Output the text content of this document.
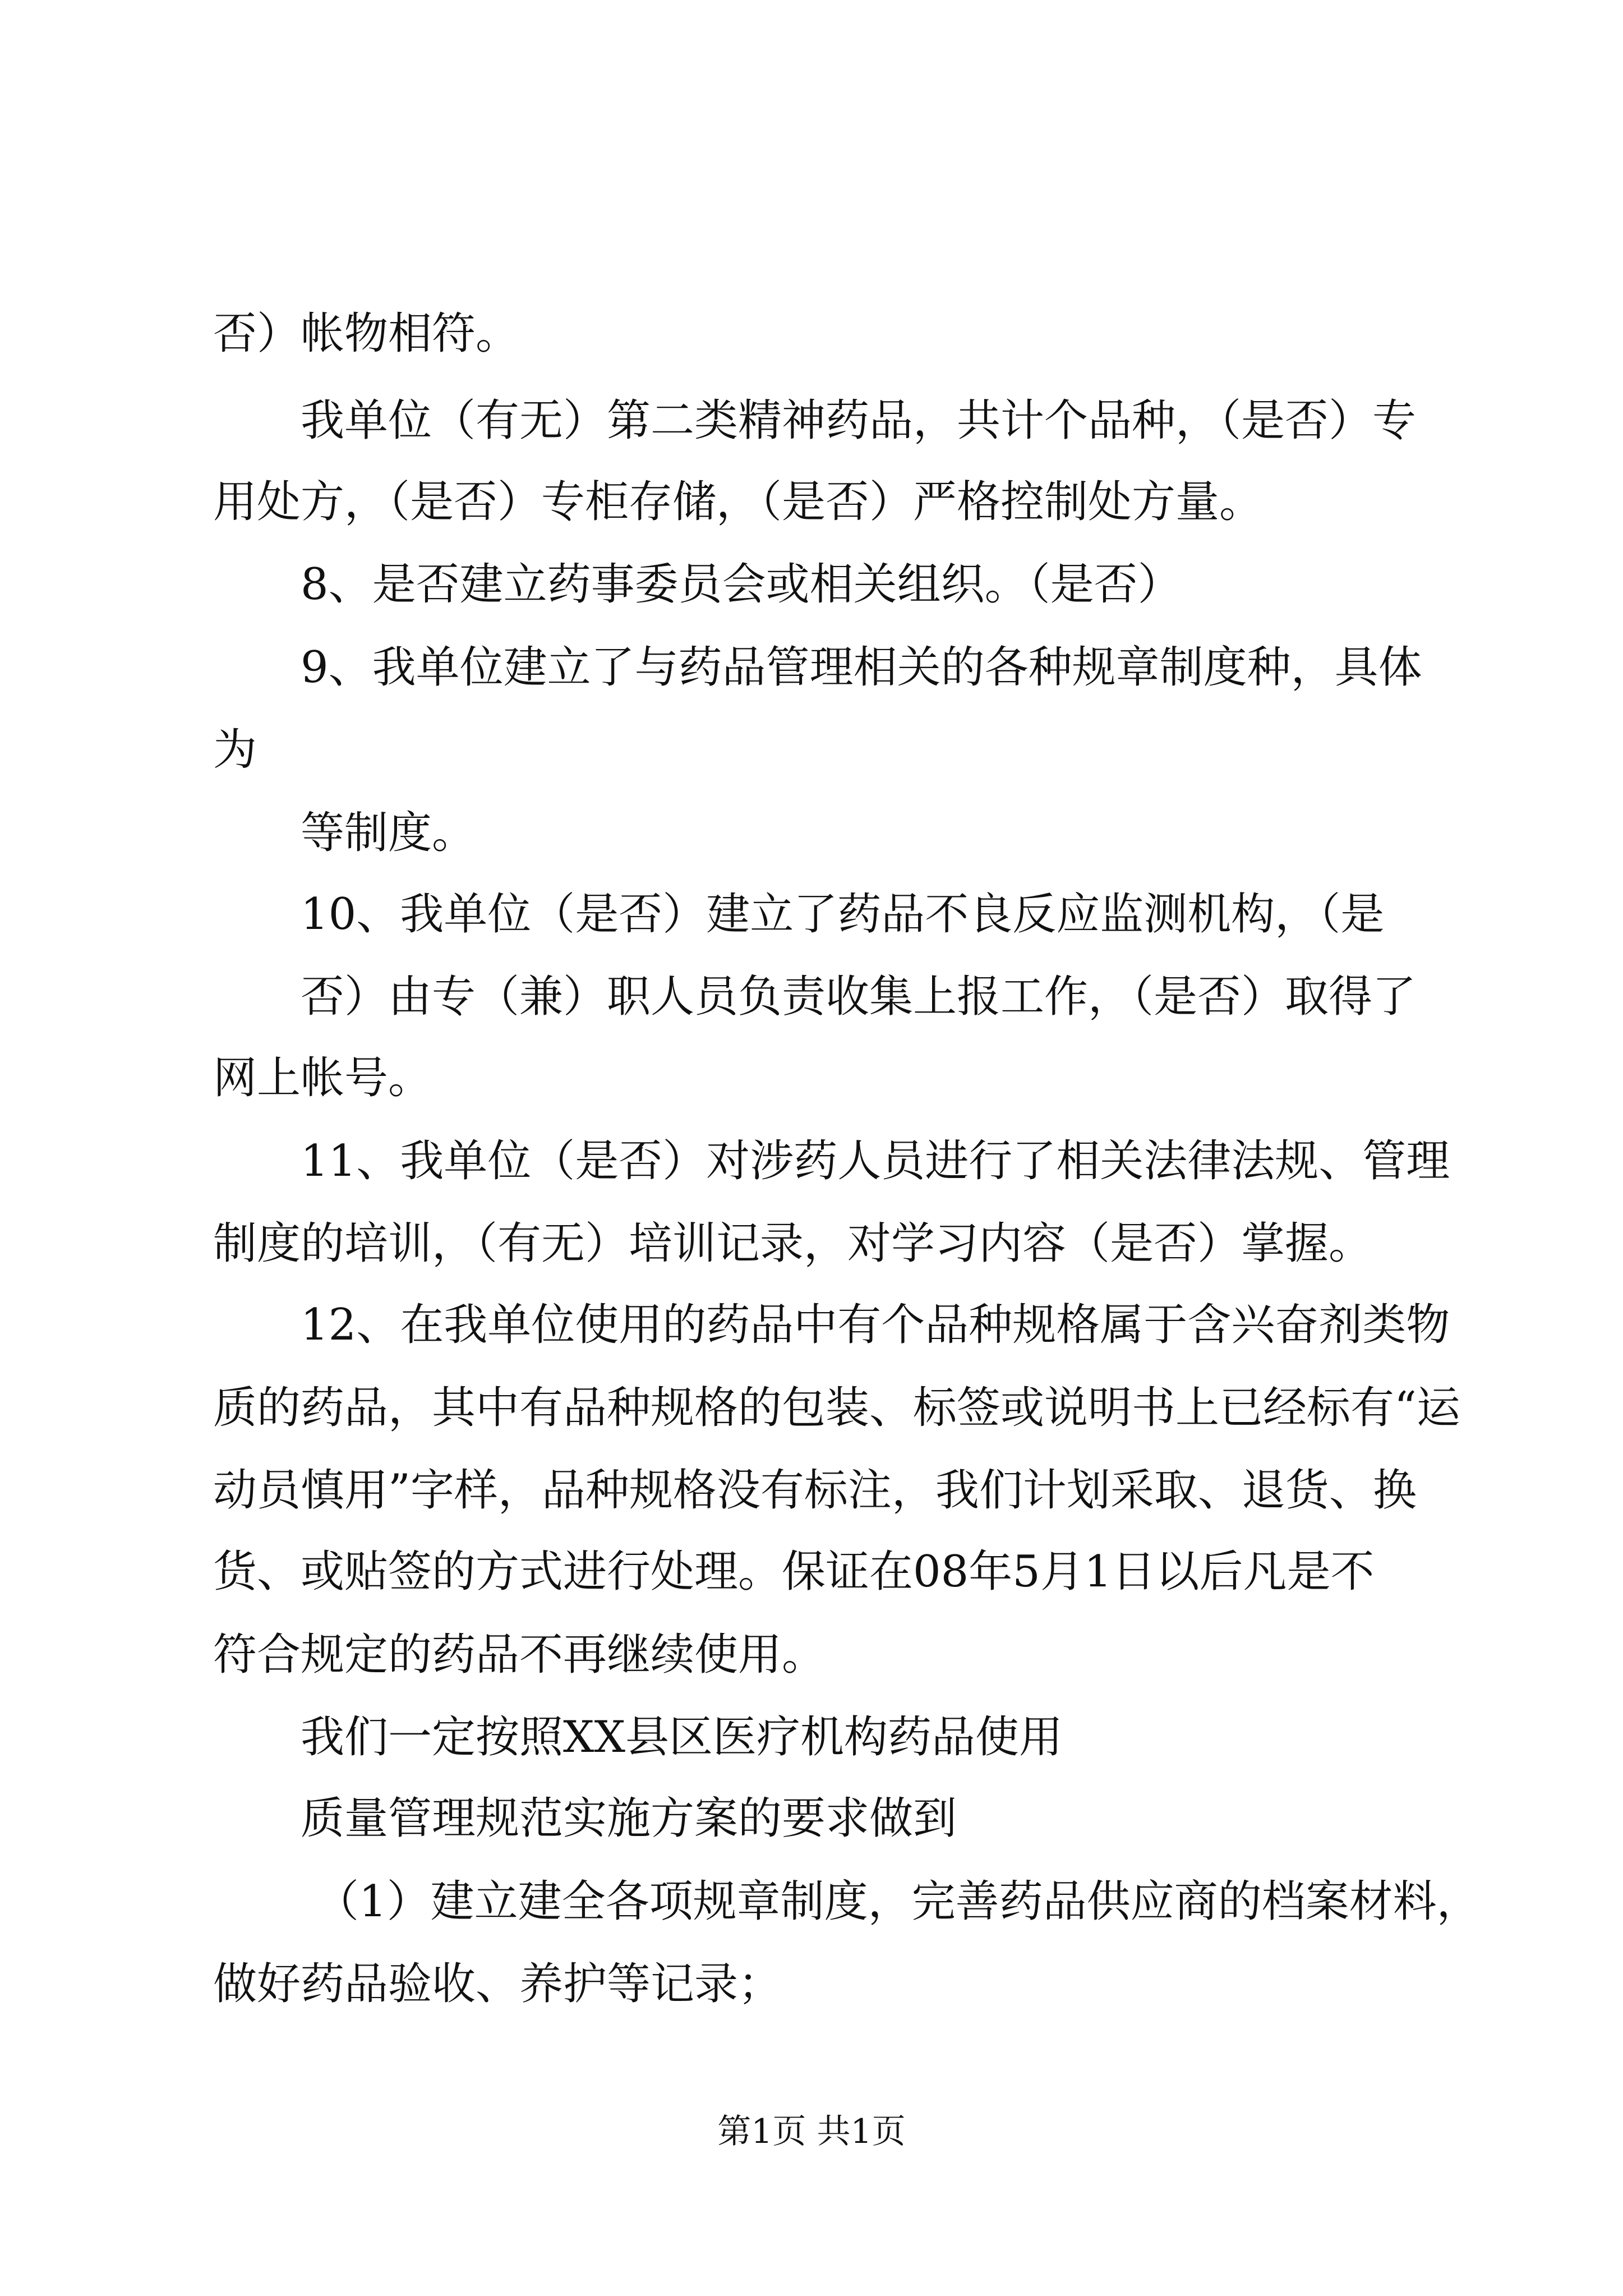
否）帐物相符。
我单位（有无）第二类精神药品，共计个品种，（是否）专
用处方，（是否）专柜存储，（是否）严格控制处方量。
8、是否建立药事委员会或相关组织。（是否）
9、我单位建立了与药品管理相关的各种规章制度种，具体
为
等制度。
10、我单位（是否）建立了药品不良反应监测机构，（是
否）由专（兼）职人员负责收集上报工作，（是否）取得了
网上帐号。
11、我单位（是否）对涉药人员进行了相关法律法规、管理
制度的培训，（有无）培训记录，对学习内容（是否）掌握。
12、在我单位使用的药品中有个品种规格属于含兴奋剂类物
质的药品，其中有品种规格的包装、标签或说明书上已经标有“运
动员慎用”字样，品种规格没有标注，我们计划采取、退货、换
货、或贴签的方式进行处理。保证在08年5月1日以后凡是不
符合规定的药品不再继续使用。
我们一定按照XX县区医疗机构药品使用
质量管理规范实施方案的要求做到
（1）建立建全各项规章制度，完善药品供应商的档案材料，
做好药品验收、养护等记录；
第1页 共1页
